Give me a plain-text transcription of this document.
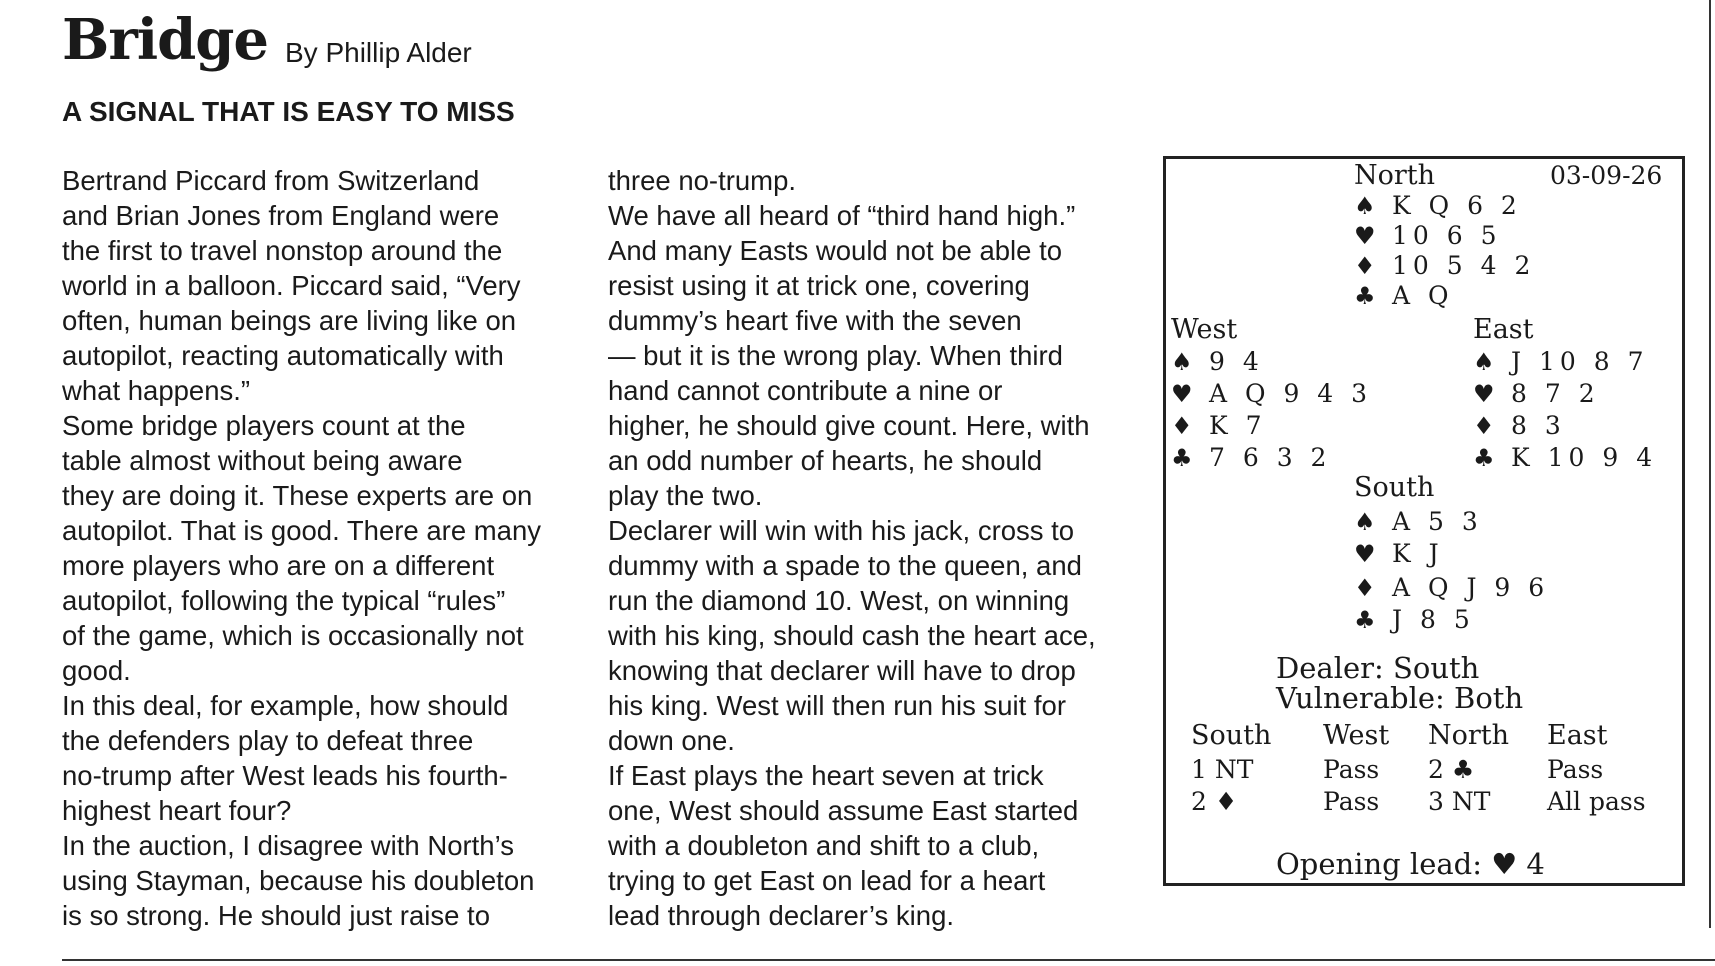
Bridge By Phillip Alder
A SIGNAL THAT IS EASY TO MISS
Bertrand Piccard from Switzerland
and Brian Jones from England were
the first to travel nonstop around the
world in a balloon. Piccard said, “Very
often, human beings are living like on
autopilot, reacting automatically with
what happens.”
Some bridge players count at the
table almost without being aware
they are doing it. These experts are on
autopilot. That is good. There are many
more players who are on a different
autopilot, following the typical “rules”
of the game, which is occasionally not
good.
In this deal, for example, how should
the defenders play to defeat three
no-trump after West leads his fourth-
highest heart four?
In the auction, I disagree with North’s
using Stayman, because his doubleton
is so strong. He should just raise to
three no-trump.
We have all heard of “third hand high.”
And many Easts would not be able to
resist using it at trick one, covering
dummy’s heart five with the seven
— but it is the wrong play. When third
hand cannot contribute a nine or
higher, he should give count. Here, with
an odd number of hearts, he should
play the two.
Declarer will win with his jack, cross to
dummy with a spade to the queen, and
run the diamond 10. West, on winning
with his king, should cash the heart ace,
knowing that declarer will have to drop
his king. West will then run his suit for
down one.
If East plays the heart seven at trick
one, West should assume East started
with a doubleton and shift to a club,
trying to get East on lead for a heart
lead through declarer’s king.
03-09-26
North
♠ K Q 6 2
♥ 10 6 5
♦ 10 5 4 2
♣ A Q
West
♠ 9 4
♥ A Q 9 4 3
♦ K 7
♣ 7 6 3 2
East
♠ J 10 8 7
♥ 8 7 2
♦ 8 3
♣ K 10 9 4
South
♠ A 5 3
♥ K J
♦ A Q J 9 6
♣ J 8 5
Dealer: South
Vulnerable: Both
South West North East
1 NT	Pass 2 ♣	Pass
2 ♦	Pass 3 NT All pass
Opening lead: ♥ 4
